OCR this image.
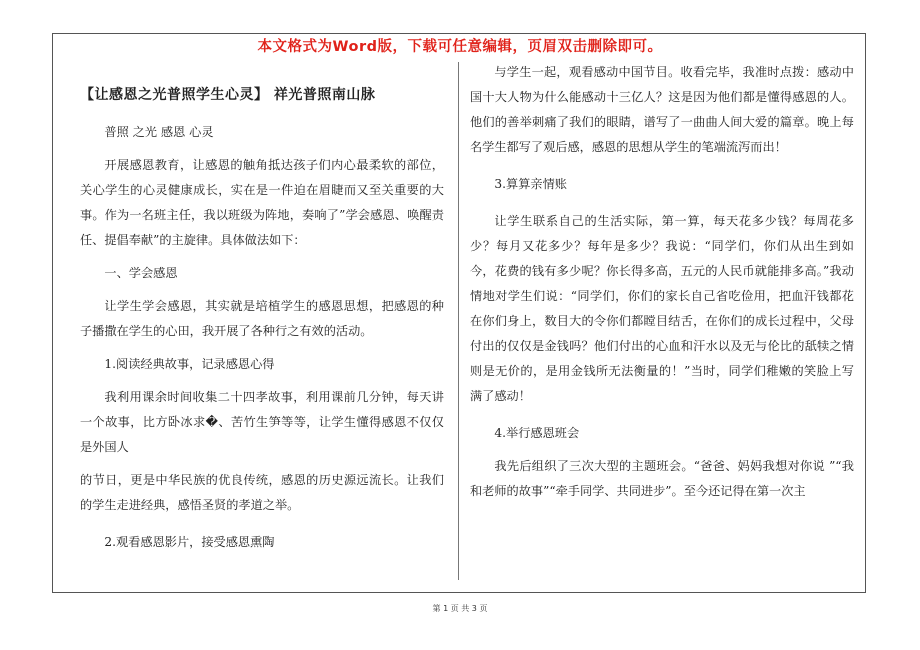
本文格式为Word版，下载可任意编辑，页眉双击删除即可。

【让感恩之光普照学生心灵】 祥光普照南山脉

普照 之光 感恩 心灵

开展感恩教育，让感恩的触角抵达孩子们内心最柔软的部位，关心学生的心灵健康成长，实在是一件迫在眉睫而又至关重要的大事。作为一名班主任，我以班级为阵地，奏响了”学会感恩、唤醒责任、提倡奉献”的主旋律。具体做法如下：

一、学会感恩

让学生学会感恩，其实就是培植学生的感恩思想，把感恩的种子播撒在学生的心田，我开展了各种行之有效的活动。

1.阅读经典故事，记录感恩心得

我利用课余时间收集二十四孝故事，利用课前几分钟，每天讲一个故事，比方卧冰求�、苦竹生笋等等，让学生懂得感恩不仅仅是外国人

的节日，更是中华民族的优良传统，感恩的历史源远流长。让我们的学生走进经典，感悟圣贤的孝道之举。

2.观看感恩影片，接受感恩熏陶

与学生一起，观看感动中国节目。收看完毕，我准时点拨：感动中国十大人物为什么能感动十三亿人？这是因为他们都是懂得感恩的人。他们的善举刺痛了我们的眼睛，谱写了一曲曲人间大爱的篇章。晚上每名学生都写了观后感，感恩的思想从学生的笔端流泻而出！

3.算算亲情账

让学生联系自己的生活实际，第一算，每天花多少钱？每周花多少？每月又花多少？每年是多少？我说：“同学们，你们从出生到如今，花费的钱有多少呢？你长得多高，五元的人民币就能排多高。”我动情地对学生们说：“同学们，你们的家长自己省吃俭用，把血汗钱都花在你们身上，数目大的令你们都瞠目结舌，在你们的成长过程中，父母付出的仅仅是金钱吗？他们付出的心血和汗水以及无与伦比的舐犊之情则是无价的，是用金钱所无法衡量的！”当时，同学们稚嫩的笑脸上写满了感动！

4.举行感恩班会

我先后组织了三次大型的主题班会。“爸爸、妈妈我想对你说 ”“我和老师的故事”“牵手同学、共同进步”。至今还记得在第一次主

第 1 页 共 3 页
